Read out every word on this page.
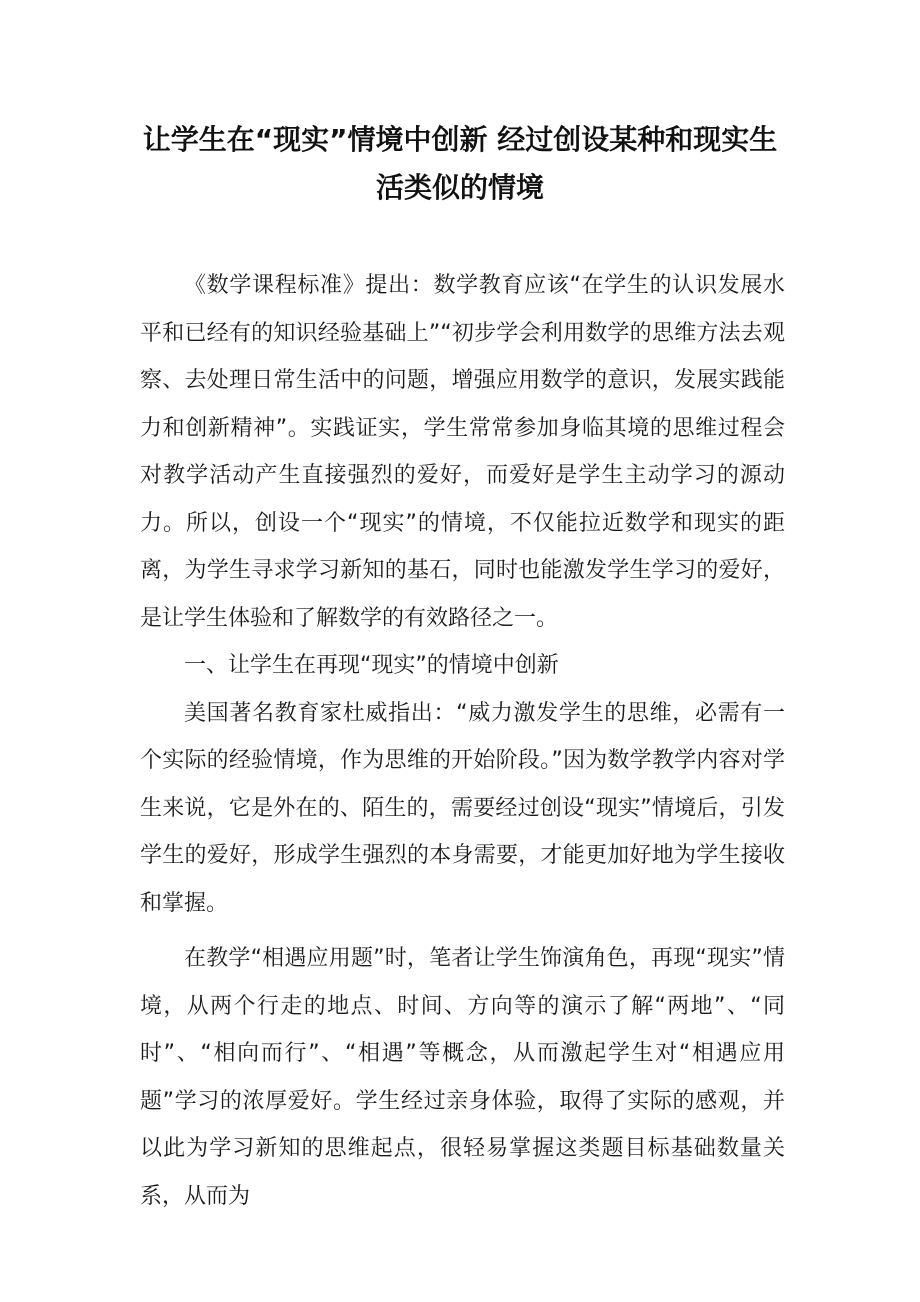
让学生在“现实”情境中创新 经过创设某种和现实生
活类似的情境

《数学课程标准》提出：数学教育应该“在学生的认识发展水平和已经有的知识经验基础上”“初步学会利用数学的思维方法去观察、去处理日常生活中的问题，增强应用数学的意识，发展实践能力和创新精神”。实践证实，学生常常参加身临其境的思维过程会对教学活动产生直接强烈的爱好，而爱好是学生主动学习的源动力。所以，创设一个“现实”的情境，不仅能拉近数学和现实的距离，为学生寻求学习新知的基石，同时也能激发学生学习的爱好，是让学生体验和了解数学的有效路径之一。

一、让学生在再现“现实”的情境中创新

美国著名教育家杜威指出：“威力激发学生的思维，必需有一个实际的经验情境，作为思维的开始阶段。”因为数学教学内容对学生来说，它是外在的、陌生的，需要经过创设“现实”情境后，引发学生的爱好，形成学生强烈的本身需要，才能更加好地为学生接收和掌握。

在教学“相遇应用题”时，笔者让学生饰演角色，再现“现实”情境，从两个行走的地点、时间、方向等的演示了解“两地”、“同时”、“相向而行”、“相遇”等概念，从而激起学生对“相遇应用题”学习的浓厚爱好。学生经过亲身体验，取得了实际的感观，并以此为学习新知的思维起点，很轻易掌握这类题目标基础数量关系，从而为
